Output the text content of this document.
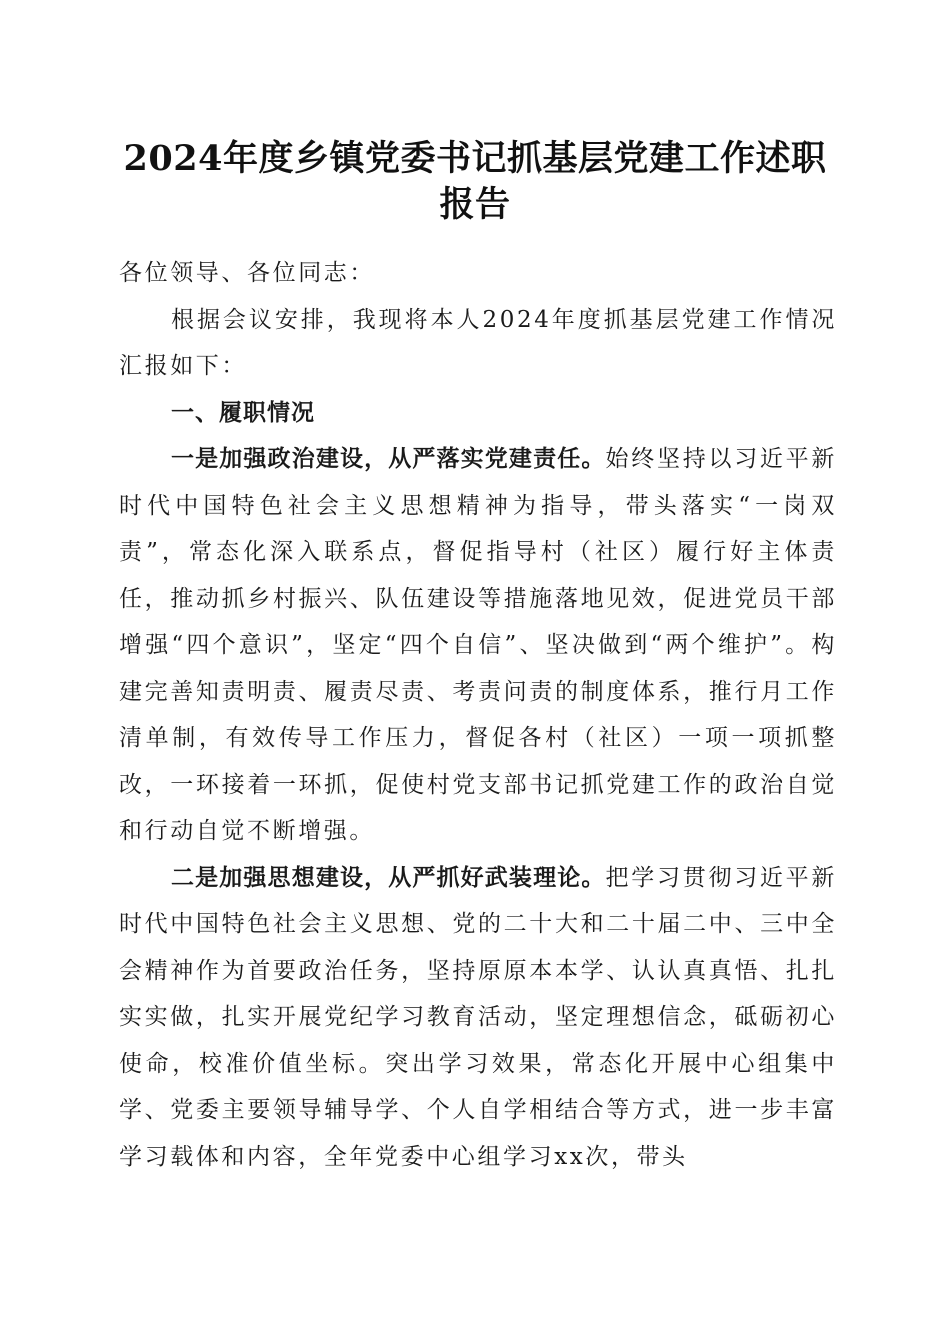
2024年度乡镇党委书记抓基层党建工作述职
报告

各位领导、各位同志：

根据会议安排，我现将本人2024年度抓基层党建工作情况汇报如下：

一、履职情况

一是加强政治建设，从严落实党建责任。始终坚持以习近平新时代中国特色社会主义思想精神为指导，带头落实“一岗双责”，常态化深入联系点，督促指导村（社区）履行好主体责任，推动抓乡村振兴、队伍建设等措施落地见效，促进党员干部增强“四个意识”，坚定“四个自信”、坚决做到“两个维护”。构建完善知责明责、履责尽责、考责问责的制度体系，推行月工作清单制，有效传导工作压力，督促各村（社区）一项一项抓整改，一环接着一环抓，促使村党支部书记抓党建工作的政治自觉和行动自觉不断增强。

二是加强思想建设，从严抓好武装理论。把学习贯彻习近平新时代中国特色社会主义思想、党的二十大和二十届二中、三中全会精神作为首要政治任务，坚持原原本本学、认认真真悟、扎扎实实做，扎实开展党纪学习教育活动，坚定理想信念，砥砺初心使命，校准价值坐标。突出学习效果，常态化开展中心组集中学、党委主要领导辅导学、个人自学相结合等方式，进一步丰富学习载体和内容，全年党委中心组学习xx次，带头
